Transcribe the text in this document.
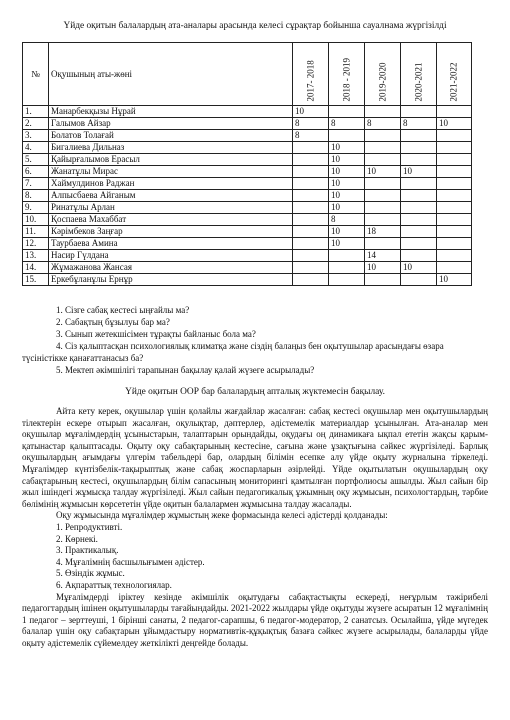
Үйде оқитын балалардың ата-аналары арасында келесі сұрақтар бойынша сауалнама жүргізілді
№	Оқушының аты-жөні	2017- 2018	2018 - 2019	2019-2020	2020-2021	2021-2022

1.	Манарбекқызы Нұрай	10				
2.	Галымов Айзар	8	8	8	8	10
3.	Болатов Толағай	8				
4.	Бигалиева Дильназ		10			
5.	Қайырғалымов Ерасыл		10			
6.	Жанатұлы Мирас		10	10	10	
7.	Хаймулдинов Раджан		10			
8.	Алпысбаева Айганым		10			
9.	Ринатұлы Арлан		10			
10.	Қоспаева Махаббат		8			
11.	Кәрімбеков Заңғар		10	18		
12.	Таурбаева Амина		10			
13.	Насир Гүлдана			14		
14.	Жұмажанова Жансая			10	10	
15.	Еркебұланұлы Ернұр					10
1. Сізге сабақ кестесі ыңғайлы ма?
2. Сабақтың бұзылуы бар ма?
3. Сынып жетекшісімен тұрақты байланыс бола ма?
4. Сіз қалыптасқан психологиялық климатқа және сіздің балаңыз бен оқытушылар арасындағы өзара түсіністікке қанағаттанасыз ба?
5. Мектеп әкімшілігі тарапынан бақылау қалай жүзеге асырылады?
Үйде оқитын ООР бар балалардың апталық жүктемесін бақылау.

Айта кету керек, оқушылар үшін қолайлы жағдайлар жасалған: сабақ кестесі оқушылар мен оқытушылардың тілектерін ескере отырып жасалған, оқулықтар, дәптерлер, әдістемелік материалдар ұсынылған. Ата-аналар мен оқушылар мұғалімдердің ұсыныстарын, талаптарын орындайды, оқудағы оң динамикаға ықпал ететін жақсы қарым-қатынастар қалыптасады. Оқыту оқу сабақтарының кестесіне, сағына және ұзақтығына сәйкес жүргізіледі. Барлық оқушылардың ағымдағы үлгерім табельдері бар, олардың білімін есепке алу үйде оқыту журналына тіркеледі. Мұғалімдер күнтізбелік-тақырыптық және сабақ жоспарларын әзірлейді. Үйде оқытылатын оқушылардың оқу сабақтарының кестесі, оқушылардың білім сапасының мониторингі қамтылған портфолиосы ашылды. Жыл сайын бір жыл ішіндегі жұмысқа талдау жүргізіледі. Жыл сайын педагогикалық ұжымның оқу жұмысын, психологтардың, тәрбие бөлімінің жұмысын көрсететін үйде оқитын балалармен жұмысына талдау жасалады.

Оқу жұмысында мұғалімдер жұмыстың жеке формасында келесі әдістерді қолданады:

1. Репродуктивті.
2. Көрнекі.
3. Практикалық.
4. Мұғалімнің басшылығымен әдістер.
5. Өзіндік жұмыс.
6. Ақпараттық технологиялар.

Мұғалімдерді іріктеу кезінде әкімшілік оқытудағы сабақтастықты ескереді, неғұрлым тәжірибелі педагогтардың ішінен оқытушыларды тағайындайды. 2021-2022 жылдары үйде оқытуды жүзеге асыратын 12 мұғалімнің 1 педагог – зерттеуші, 1 бірінші санаты, 2 педагог-сарапшы, 6 педагог-модератор, 2 санатсыз. Осылайша, үйде мүгедек балалар үшін оқу сабақтарын ұйымдастыру нормативтік-құқықтық базаға сәйкес жүзеге асырылады, балаларды үйде оқыту әдістемелік сүйемелдеу жеткілікті деңгейде болады.
